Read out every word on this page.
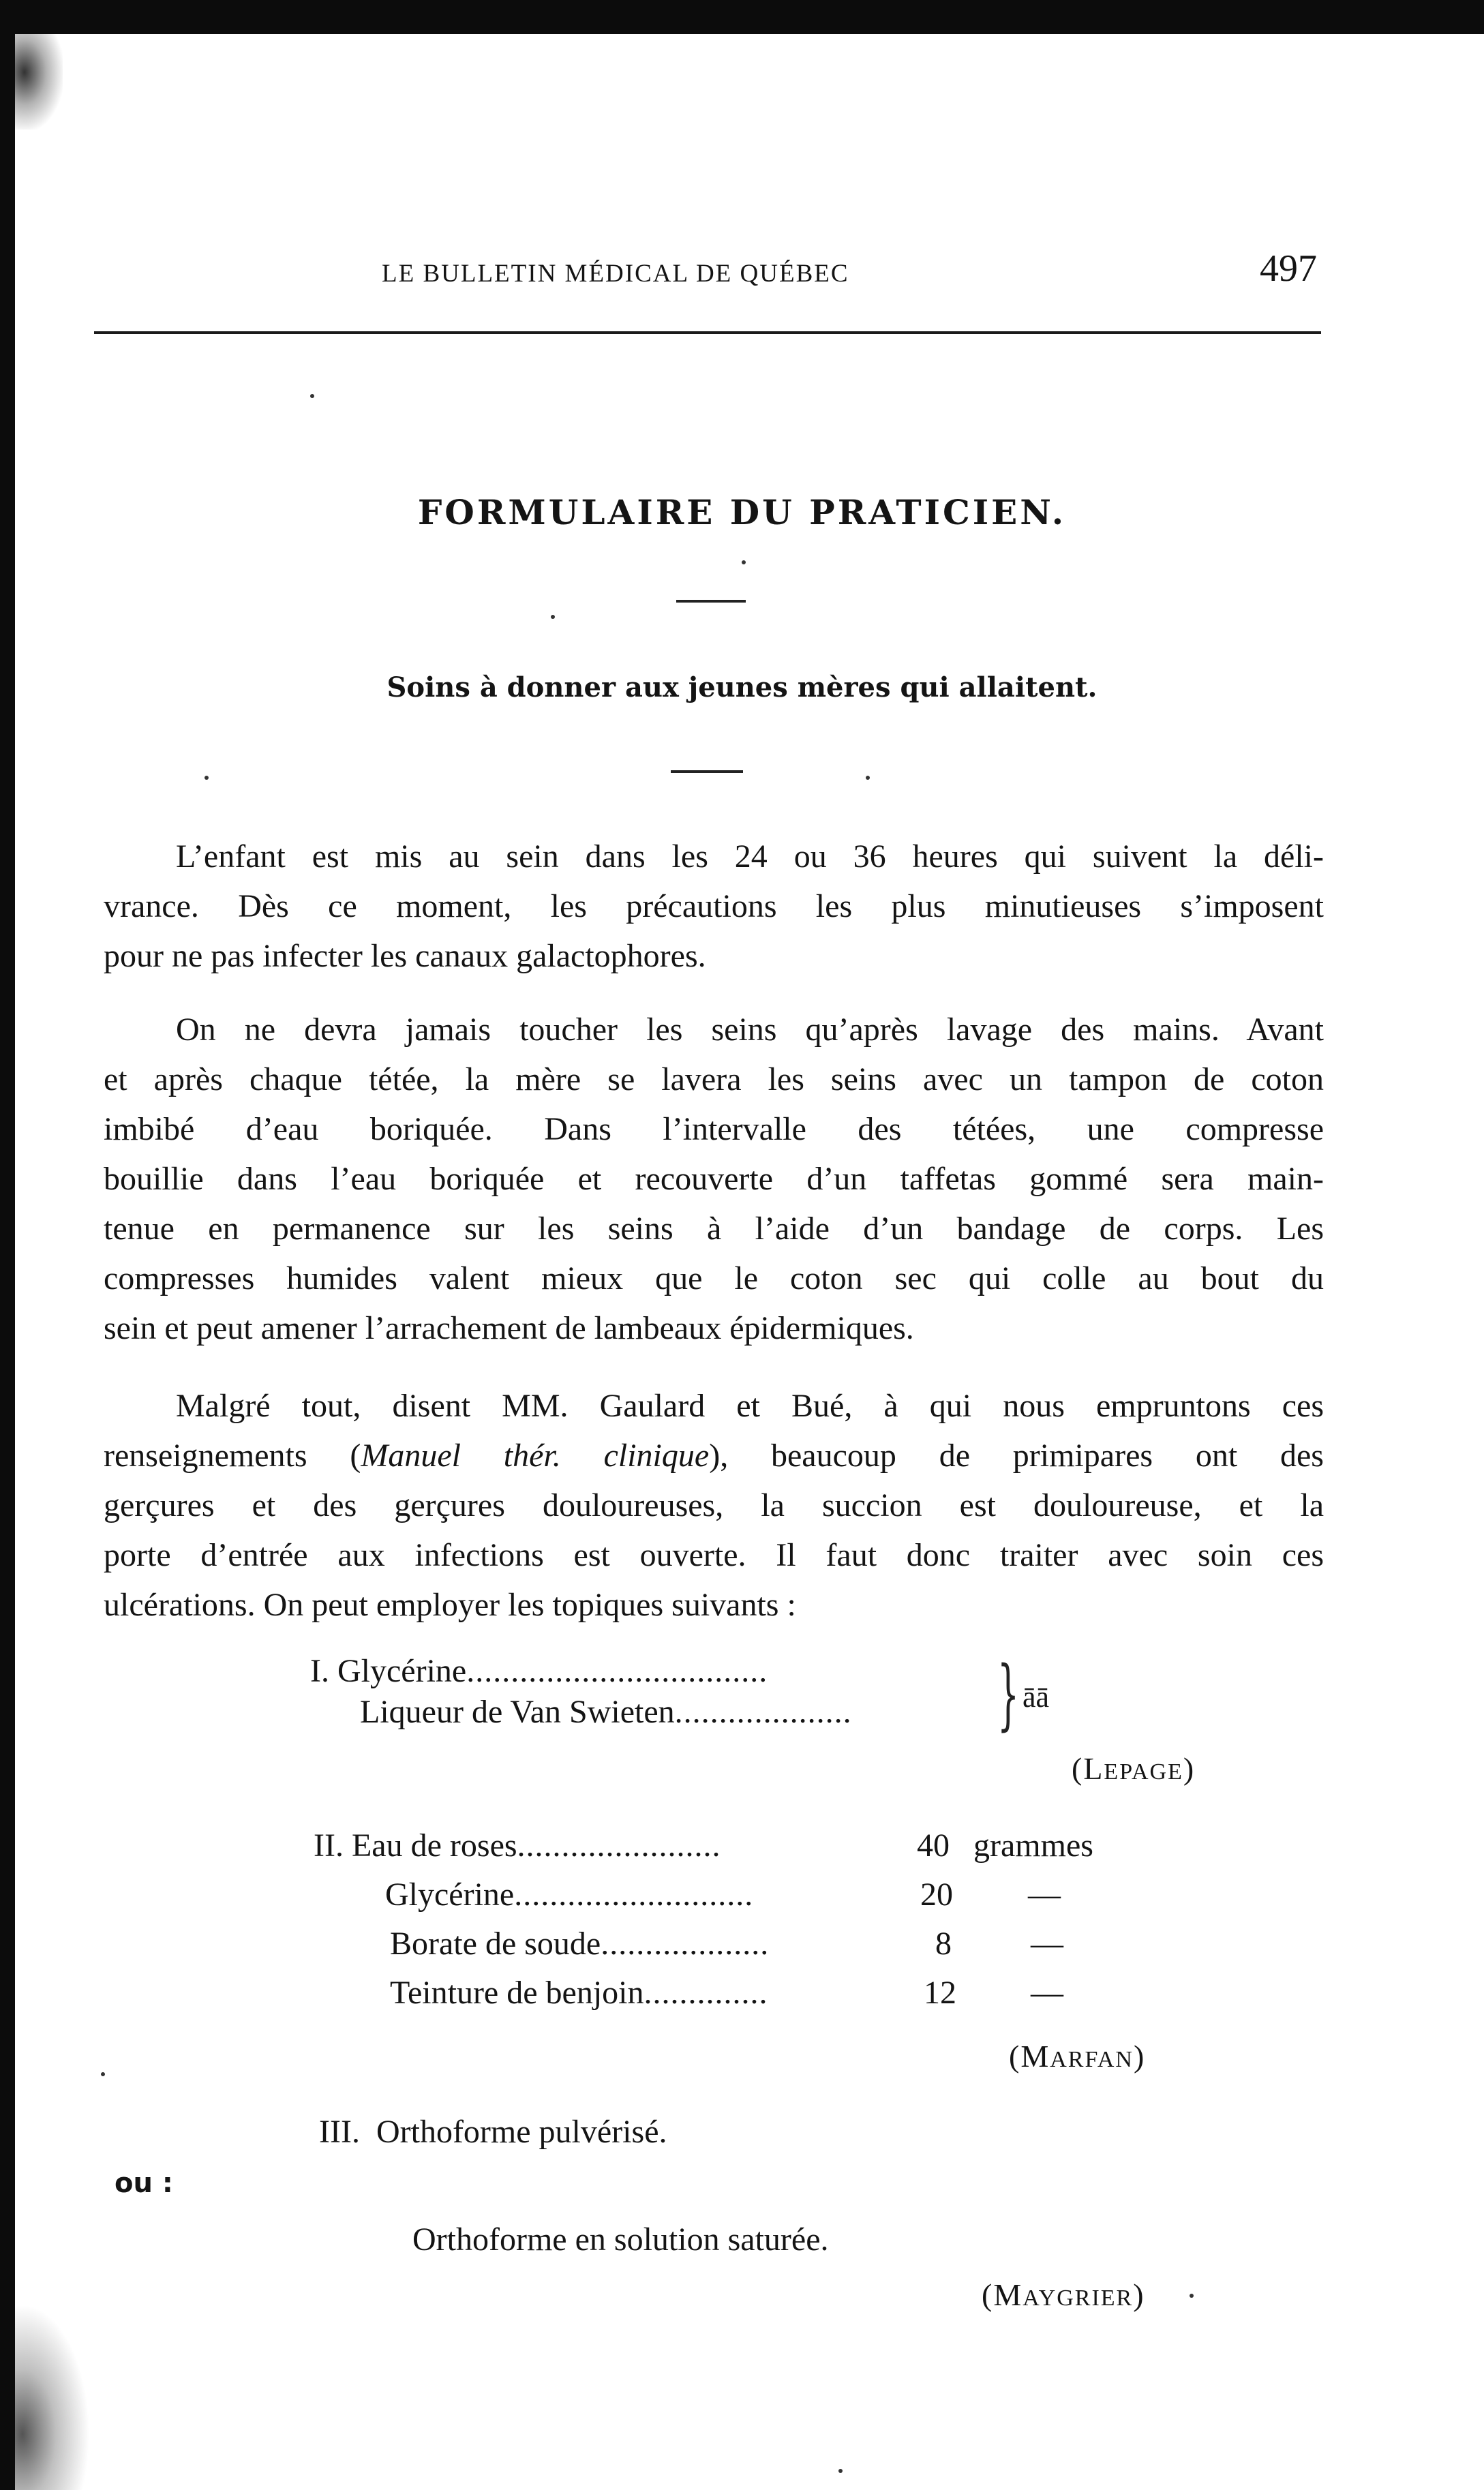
LE BULLETIN MÉDICAL DE QUÉBEC	497
FORMULAIRE DU PRATICIEN.
Soins à donner aux jeunes mères qui allaitent.
L’enfant est mis au sein dans les 24 ou 36 heures qui suivent la déli-
vrance. Dès ce moment, les précautions les plus minutieuses s’imposent
pour ne pas infecter les canaux galactophores.
On ne devra jamais toucher les seins qu’après lavage des mains. Avant
et après chaque tétée, la mère se lavera les seins avec un tampon de coton
imbibé d’eau boriquée. Dans l’intervalle des tétées, une compresse
bouillie dans l’eau boriquée et recouverte d’un taffetas gommé sera main-
tenue en permanence sur les seins à l’aide d’un bandage de corps. Les
compresses humides valent mieux que le coton sec qui colle au bout du
sein et peut amener l’arrachement de lambeaux épidermiques.
Malgré tout, disent MM. Gaulard et Bué, à qui nous empruntons ces
renseignements (Manuel thér. clinique), beaucoup de primipares ont des
gerçures et des gerçures douloureuses, la succion est douloureuse, et la
porte d’entrée aux infections est ouverte. Il faut donc traiter avec soin ces
ulcérations. On peut employer les topiques suivants :
I. Glycérine..................................
Liqueur de Van Swieten.................... } āā
(LEPAGE)
II. Eau de roses.......................	40 grammes
Glycérine...........................	20 —
Borate de soude...................	8 —
Teinture de benjoin..............	12 —
(MARFAN)
III. Orthoforme pulvérisé.
ou :
Orthoforme en solution saturée.
(MAYGRIER)
